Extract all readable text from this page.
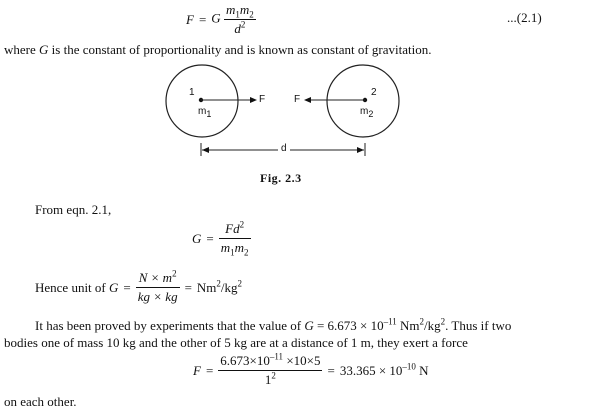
F = G $\frac{m_1m_2}{d^2}$	...(2.1)
where G is the constant of proportionality and is known as constant of gravitation.
1
$m_1$
F	F
2
$m_2$
d
Fig. 2.3
From eqn. 2.1,
$G = \frac{Fd^2}{m_1m_2}$
Hence unit of $G = \frac{N \times m^2}{kg \times kg} = Nm^2/kg^2$
It has been proved by experiments that the value of $G = 6.673 \times 10^{-11}$ $Nm^2/kg^2$. Thus if two
bodies one of mass 10 kg and the other of 5 kg are at a distance of 1 m, they exert a force
$F = \frac{6.673\times 10^{-11} \times 10\times 5}{1^2} = 33.365 \times 10^{-10}$ N
on each other.
